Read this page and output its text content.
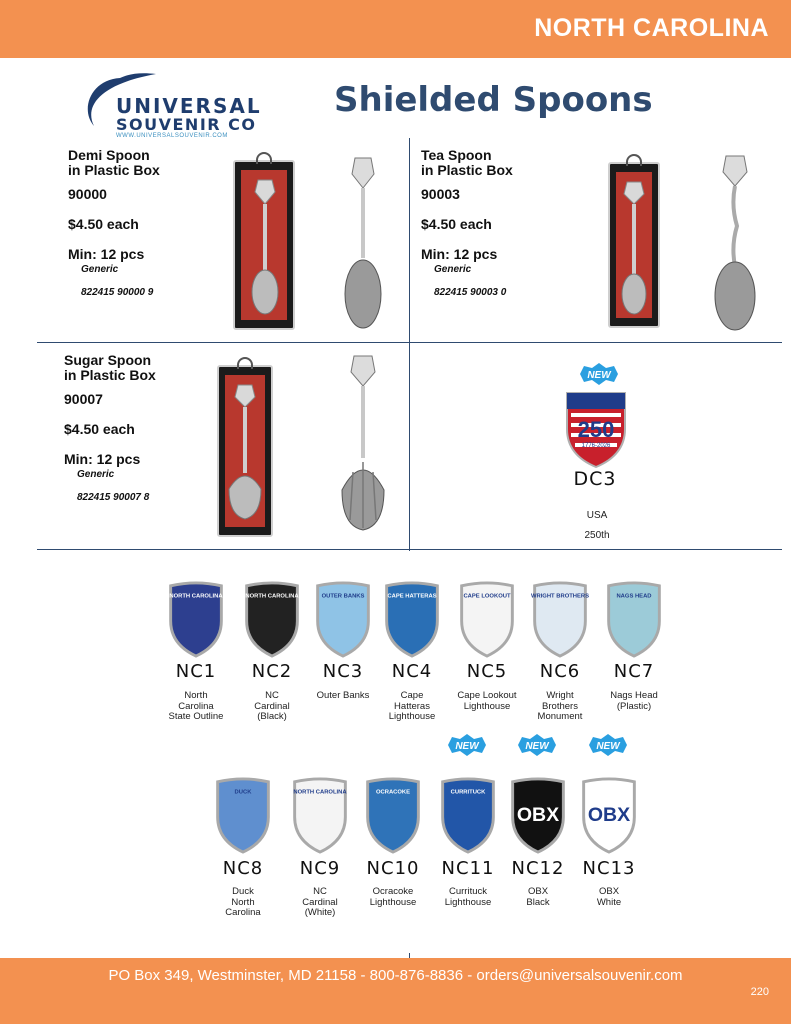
NORTH CAROLINA
UNIVERSAL
SOUVENIR CO
WWW.UNIVERSALSOUVENIR.COM
Shielded Spoons
Demi Spoon
in Plastic Box
90000
$4.50 each
Min: 12 pcs
Generic
822415 90000 9
Tea Spoon
in Plastic Box
90003
$4.50 each
Min: 12 pcs
Generic
822415 90003 0
Sugar Spoon
in Plastic Box
90007
$4.50 each
Min: 12 pcs
Generic
822415 90007 8
NEW
250
1776-2026
DC3
USA
250th
NORTH CAROLINA
NC1
North
Carolina
State Outline
NORTH CAROLINA
NC2
NC
Cardinal
(Black)
OUTER BANKS
NC3
Outer Banks
CAPE HATTERAS
NC4
Cape
Hatteras
Lighthouse
CAPE LOOKOUT
NC5
Cape Lookout
Lighthouse
WRIGHT BROTHERS
NC6
Wright
Brothers
Monument
NAGS HEAD
NC7
Nags Head
(Plastic)
DUCK
NC8
Duck
North
Carolina
NORTH CAROLINA
NC9
NC
Cardinal
(White)
OCRACOKE
NC10
Ocracoke
Lighthouse
CURRITUCK
NEW
NC11
Currituck
Lighthouse
OBX
NEW
NC12
OBX
Black
OBX
NEW
NC13
OBX
White
PO Box 349, Westminster, MD 21158 - 800-876-8836 - orders@universalsouvenir.com
220
